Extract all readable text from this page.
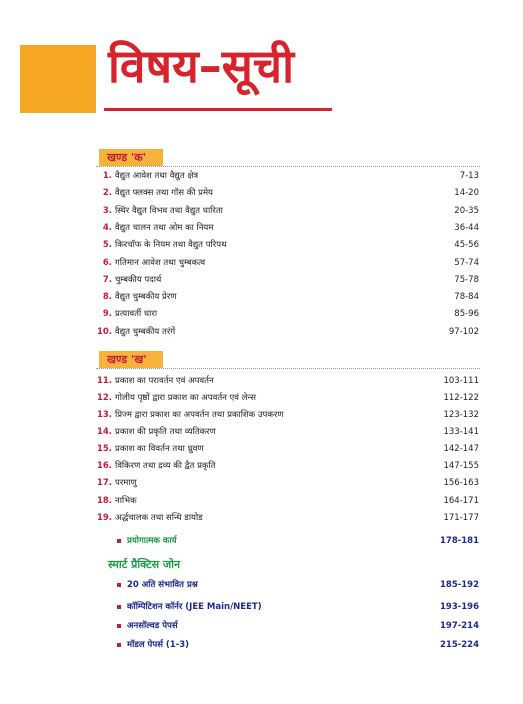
विषय–सूची
खण्ड 'क'
1. वैद्युत आवेश तथा वैद्युत क्षेत्र	7-13
2. वैद्युत फ्लक्स तथा गॉस की प्रमेय	14-20
3. स्थिर वैद्युत विभव तथा वैद्युत धारिता	20-35
4. वैद्युत चालन तथा ओम का नियम	36-44
5. किरचॉफ के नियम तथा वैद्युत परिपथ	45-56
6. गतिमान आवेश तथा चुम्बकत्व	57-74
7. चुम्बकीय पदार्थ	75-78
8. वैद्युत चुम्बकीय प्रेरण	78-84
9. प्रत्यावर्ती धारा	85-96
10. वैद्युत चुम्बकीय तरंगें	97-102
खण्ड 'ख'
11. प्रकाश का परावर्तन एवं अपवर्तन	103-111
12. गोलीय पृष्ठों द्वारा प्रकाश का अपवर्तन एवं लेन्स	112-122
13. प्रिज्म द्वारा प्रकाश का अपवर्तन तथा प्रकाशिक उपकरण	123-132
14. प्रकाश की प्रकृति तथा व्यतिकरण	133-141
15. प्रकाश का विवर्तन तथा ध्रुवण	142-147
16. विकिरण तथा द्रव्य की द्वैत प्रकृति	147-155
17. परमाणु	156-163
18. नाभिक	164-171
19. अर्द्धचालक तथा सन्धि डायोड	171-177
प्रयोगात्मक कार्य	178-181
स्मार्ट प्रैक्टिस जोन
20 अति संभावित प्रश्न	185-192
कॉम्पिटिशन कॉर्नर (JEE Main/NEET)	193-196
अनसॉल्वड पेपर्स	197-214
मॉडल पेपर्स (1-3)	215-224
